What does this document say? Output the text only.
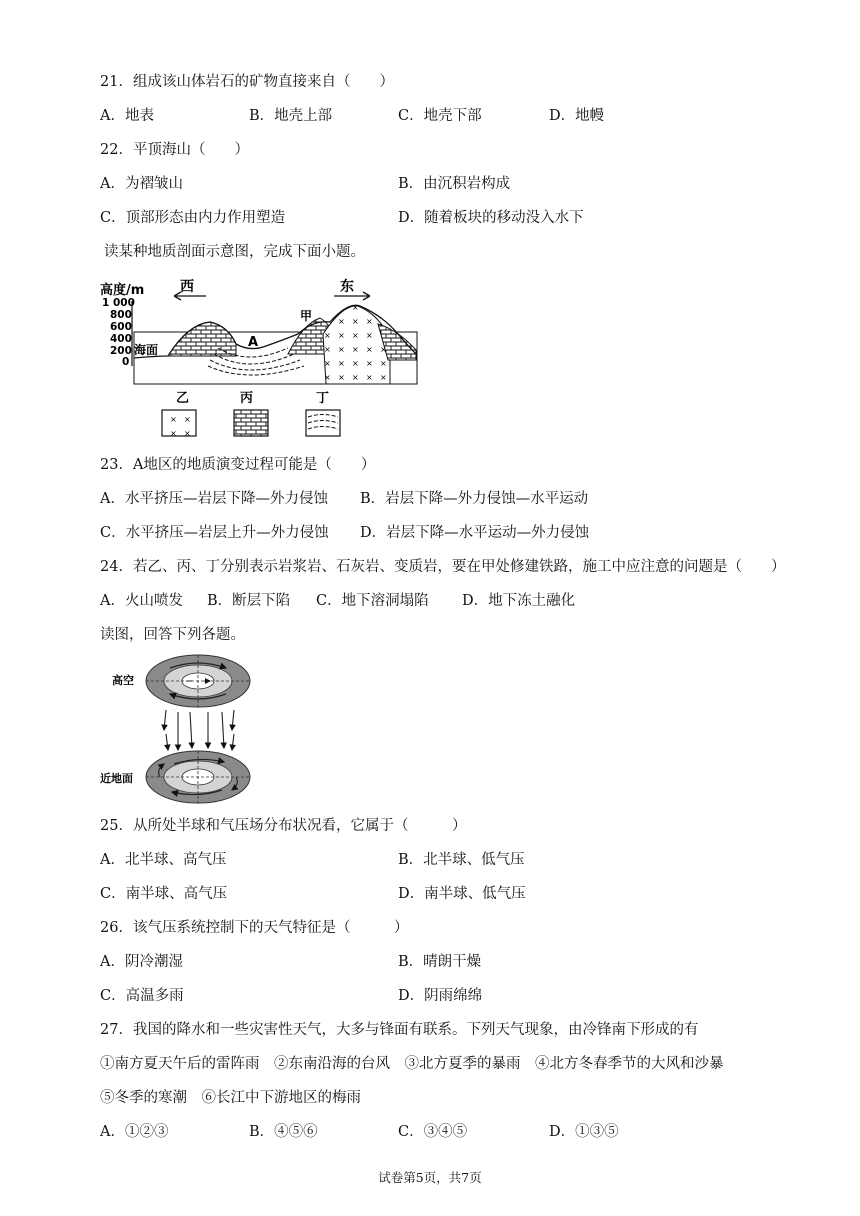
21．组成该山体岩石的矿物直接来自（　　）
A．地表	B．地壳上部	C．地壳下部	D．地幔
22．平顶海山（　　）
A．为褶皱山	B．由沉积岩构成
C．顶部形态由内力作用塑造	D．随着板块的移动没入水下
读某种地质剖面示意图，完成下面小题。
高度/m
1 000
800
600
400
200
0
海面
西	东
A
甲
乙	丙	丁
23．A地区的地质演变过程可能是（　　）
A．水平挤压—岩层下降—外力侵蚀 B．岩层下降—外力侵蚀—水平运动
C．水平挤压—岩层上升—外力侵蚀 D．岩层下降—水平运动—外力侵蚀
24．若乙、丙、丁分别表示岩浆岩、石灰岩、变质岩，要在甲处修建铁路，施工中应注意的问题是（　　）
A．火山喷发 B．断层下陷 C．地下溶洞塌陷 D．地下冻土融化
读图，回答下列各题。
高空
近地面
25．从所处半球和气压场分布状况看，它属于（　　　）
A．北半球、高气压	B．北半球、低气压
C．南半球、高气压	D．南半球、低气压
26．该气压系统控制下的天气特征是（　　　）
A．阴冷潮湿	B．晴朗干燥
C．高温多雨	D．阴雨绵绵
27．我国的降水和一些灾害性天气，大多与锋面有联系。下列天气现象，由冷锋南下形成的有
①南方夏天午后的雷阵雨　②东南沿海的台风　③北方夏季的暴雨　④北方冬春季节的大风和沙暴
⑤冬季的寒潮　⑥长江中下游地区的梅雨
A．①②③	B．④⑤⑥	C．③④⑤	D．①③⑤
试卷第5页，共7页
